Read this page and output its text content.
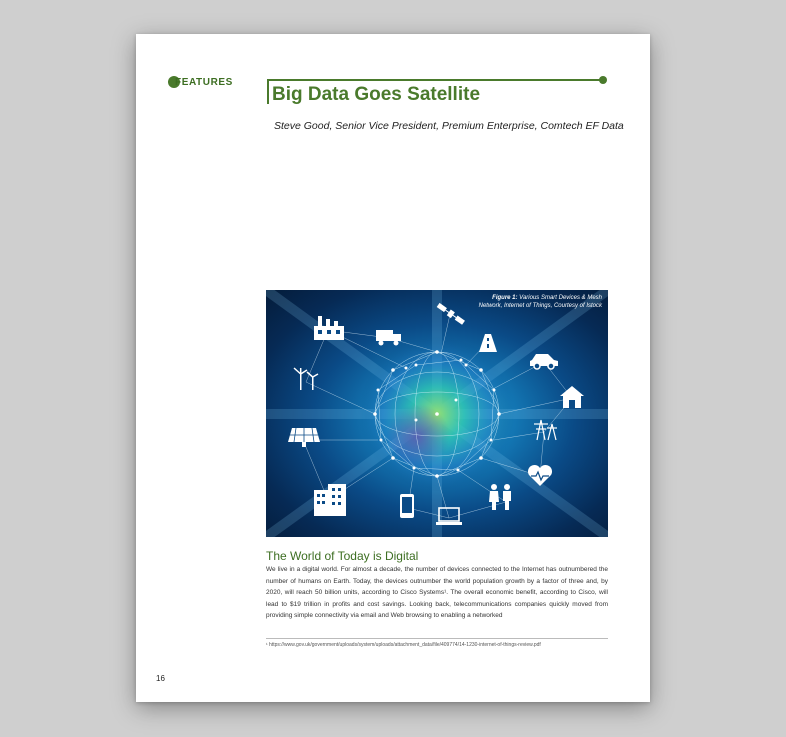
FEATURES
Big Data Goes Satellite
Steve Good, Senior Vice President, Premium Enterprise, Comtech EF Data
Figure 1: Various Smart Devices & Mesh
Network, Internet of Things, Courtesy of Istock
The World of Today is Digital

We live in a digital world. For almost a decade, the number of devices connected to the Internet has outnumbered the number of humans on Earth. Today, the devices outnumber the world population growth by a factor of three and, by 2020, will reach 50 billion units, according to Cisco Systems¹. The overall economic benefit, according to Cisco, will lead to $19 trillion in profits and cost savings. Looking back, telecommunications companies quickly moved from providing simple connectivity via email and Web browsing to enabling a networked

¹ https://www.gov.uk/government/uploads/system/uploads/attachment_data/file/409774/14-1230-internet-of-things-review.pdf
16
